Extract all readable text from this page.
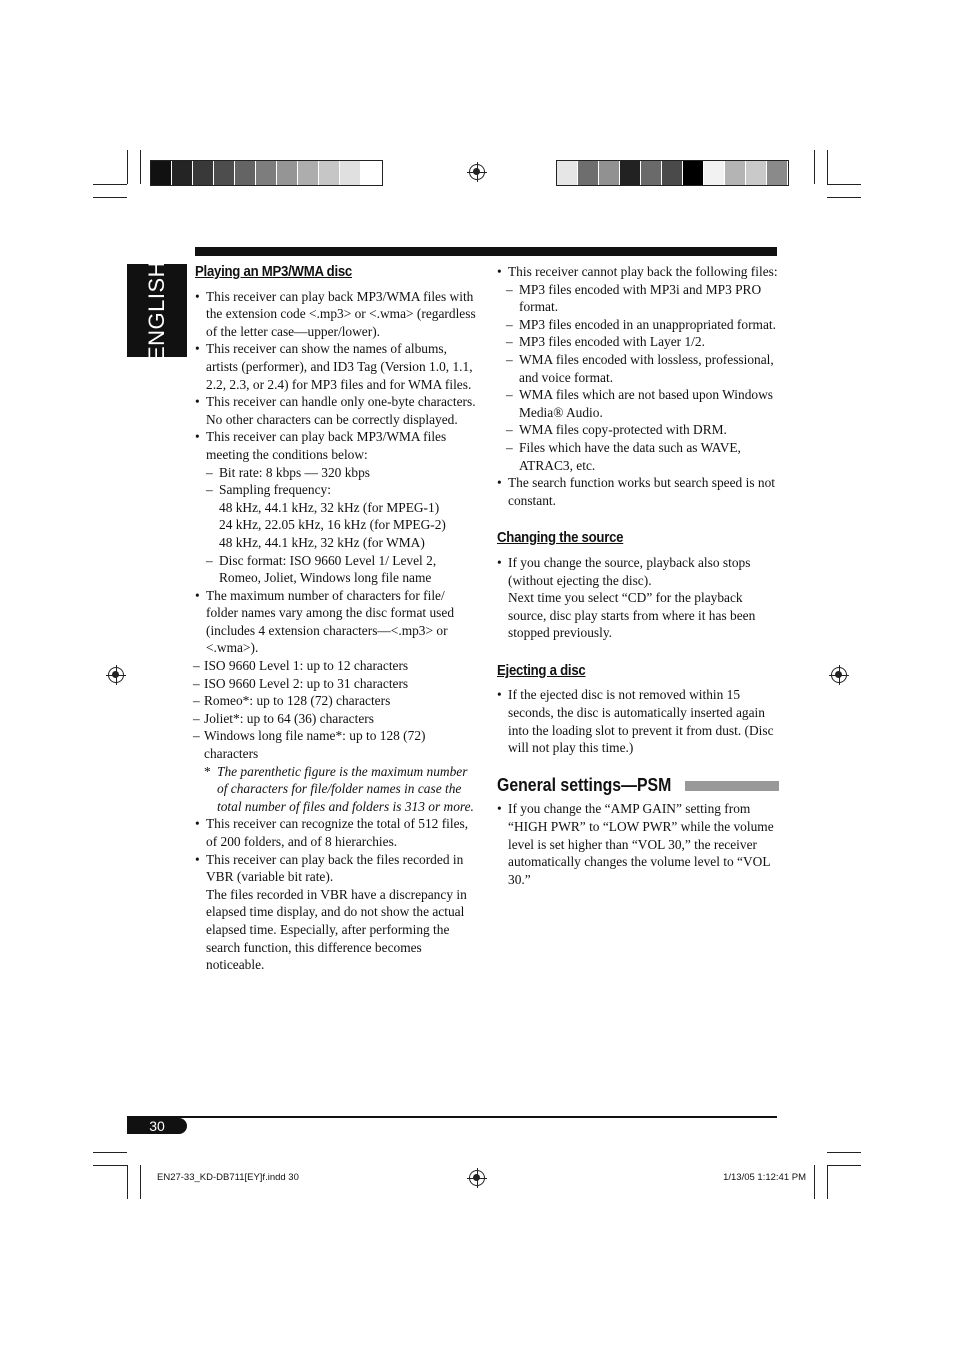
ENGLISH Playing an MP3/WMA disc
• This receiver can play back MP3/WMA files with the extension code <.mp3> or <.wma> (regardless of the letter case—upper/lower).
• This receiver can show the names of albums, artists (performer), and ID3 Tag (Version 1.0, 1.1, 2.2, 2.3, or 2.4) for MP3 files and for WMA files.
• This receiver can handle only one-byte characters. No other characters can be correctly displayed.
• This receiver can play back MP3/WMA files meeting the conditions below:
– Bit rate: 8 kbps — 320 kbps
– Sampling frequency:
48 kHz, 44.1 kHz, 32 kHz (for MPEG-1)
24 kHz, 22.05 kHz, 16 kHz (for MPEG-2)
48 kHz, 44.1 kHz, 32 kHz (for WMA)
– Disc format: ISO 9660 Level 1/ Level 2, Romeo, Joliet, Windows long file name
• The maximum number of characters for file/ folder names vary among the disc format used (includes 4 extension characters—<.mp3> or <.wma>).
– ISO 9660 Level 1: up to 12 characters
– ISO 9660 Level 2: up to 31 characters
– Romeo*: up to 128 (72) characters
– Joliet*: up to 64 (36) characters
– Windows long file name*: up to 128 (72) characters
* The parenthetic figure is the maximum number of characters for file/folder names in case the total number of files and folders is 313 or more.
• This receiver can recognize the total of 512 files, of 200 folders, and of 8 hierarchies.
• This receiver can play back the files recorded in VBR (variable bit rate).
The files recorded in VBR have a discrepancy in elapsed time display, and do not show the actual elapsed time. Especially, after performing the search function, this difference becomes noticeable.
• This receiver cannot play back the following files:
– MP3 files encoded with MP3i and MP3 PRO format.
– MP3 files encoded in an unappropriated format.
– MP3 files encoded with Layer 1/2.
– WMA files encoded with lossless, professional, and voice format.
– WMA files which are not based upon Windows Media® Audio.
– WMA files copy-protected with DRM.
– Files which have the data such as WAVE, ATRAC3, etc.
• The search function works but search speed is not constant.
Changing the source
• If you change the source, playback also stops (without ejecting the disc).
Next time you select “CD” for the playback source, disc play starts from where it has been stopped previously.
Ejecting a disc
• If the ejected disc is not removed within 15 seconds, the disc is automatically inserted again into the loading slot to prevent it from dust. (Disc will not play this time.)
General settings—PSM
• If you change the “AMP GAIN” setting from “HIGH PWR” to “LOW PWR” while the volume level is set higher than “VOL 30,” the receiver automatically changes the volume level to “VOL 30.”
30
EN27-33_KD-DB711[EY]f.indd 30	1/13/05 1:12:41 PM
